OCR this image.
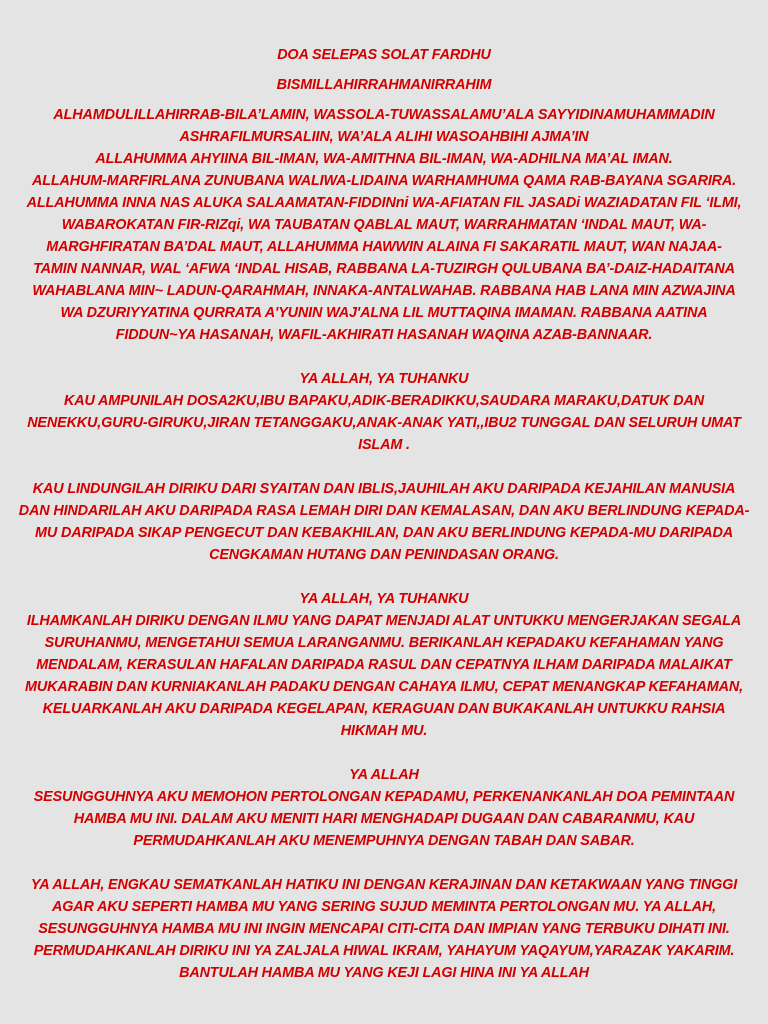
DOA SELEPAS SOLAT FARDHU
BISMILLAHIRRAHMANIRRAHIM
ALHAMDULILLAHIRRAB-BILA’LAMIN, WASSOLA-TUWASSALAMU’ALA SAYYIDINAMUHAMMADIN
ASHRAFILMURSALIIN, WA’ALA ALIHI WASOAHBIHI AJMA’IN
ALLAHUMMA AHYIINA BIL-IMAN, WA-AMITHNA BIL-IMAN, WA-ADHILNA MA’AL IMAN.
ALLAHUM-MARFIRLANA ZUNUBANA WALIWA-LIDAINA WARHAMHUMA QAMA RAB-BAYANA SGARIRA.
ALLAHUMMA INNA NAS ALUKA SALAAMATAN-FIDDINni WA-AFIATAN FIL JASADi WAZIADATAN FIL ‘ILMI,
WABAROKATAN FIR-RIZqi, WA TAUBATAN QABLAL MAUT, WARRAHMATAN ‘INDAL MAUT, WA-
MARGHFIRATAN BA’DAL MAUT, ALLAHUMMA HAWWIN ALAINA FI SAKARATIL MAUT, WAN NAJAA-
TAMIN NANNAR, WAL ‘AFWA ‘INDAL HISAB, RABBANA LA-TUZIRGH QULUBANA BA’-DAIZ-HADAITANA
WAHABLANA MIN~ LADUN-QARAHMAH, INNAKA-ANTALWAHAB. RABBANA HAB LANA MIN AZWAJINA
WA DZURIYYATINA QURRATA A'YUNIN WAJ'ALNA LIL MUTTAQINA IMAMAN. RABBANA AATINA
FIDDUN~YA HASANAH, WAFIL-AKHIRATI HASANAH WAQINA AZAB-BANNAAR.
YA ALLAH, YA TUHANKU
KAU AMPUNILAH DOSA2KU,IBU BAPAKU,ADIK-BERADIKKU,SAUDARA MARAKU,DATUK DAN
NENEKKU,GURU-GIRUKU,JIRAN TETANGGAKU,ANAK-ANAK YATI,,IBU2 TUNGGAL DAN SELURUH UMAT
ISLAM .
KAU LINDUNGILAH DIRIKU DARI SYAITAN DAN IBLIS,JAUHILAH AKU DARIPADA KEJAHILAN MANUSIA
DAN HINDARILAH AKU DARIPADA RASA LEMAH DIRI DAN KEMALASAN, DAN AKU BERLINDUNG KEPADA-
MU DARIPADA SIKAP PENGECUT DAN KEBAKHILAN, DAN AKU BERLINDUNG KEPADA-MU DARIPADA
CENGKAMAN HUTANG DAN PENINDASAN ORANG.
YA ALLAH, YA TUHANKU
ILHAMKANLAH DIRIKU DENGAN ILMU YANG DAPAT MENJADI ALAT UNTUKKU MENGERJAKAN SEGALA
SURUHANMU, MENGETAHUI SEMUA LARANGANMU. BERIKANLAH KEPADAKU KEFAHAMAN YANG
MENDALAM, KERASULAN HAFALAN DARIPADA RASUL DAN CEPATNYA ILHAM DARIPADA MALAIKAT
MUKARABIN DAN KURNIAKANLAH PADAKU DENGAN CAHAYA ILMU, CEPAT MENANGKAP KEFAHAMAN,
KELUARKANLAH AKU DARIPADA KEGELAPAN, KERAGUAN DAN BUKAKANLAH UNTUKKU RAHSIA
HIKMAH MU.
YA ALLAH
SESUNGGUHNYA AKU MEMOHON PERTOLONGAN KEPADAMU, PERKENANKANLAH DOA PEMINTAAN
HAMBA MU INI. DALAM AKU MENITI HARI MENGHADAPI DUGAAN DAN CABARANMU, KAU
PERMUDAHKANLAH AKU MENEMPUHNYA DENGAN TABAH DAN SABAR.
YA ALLAH, ENGKAU SEMATKANLAH HATIKU INI DENGAN KERAJINAN DAN KETAKWAAN YANG TINGGI
AGAR AKU SEPERTI HAMBA MU YANG SERING SUJUD MEMINTA PERTOLONGAN MU. YA ALLAH,
SESUNGGUHNYA HAMBA MU INI INGIN MENCAPAI CITI-CITA DAN IMPIAN YANG TERBUKU DIHATI INI.
PERMUDAHKANLAH DIRIKU INI YA ZALJALA HIWAL IKRAM, YAHAYUM YAQAYUM,YARAZAK YAKARIM.
BANTULAH HAMBA MU YANG KEJI LAGI HINA INI YA ALLAH
